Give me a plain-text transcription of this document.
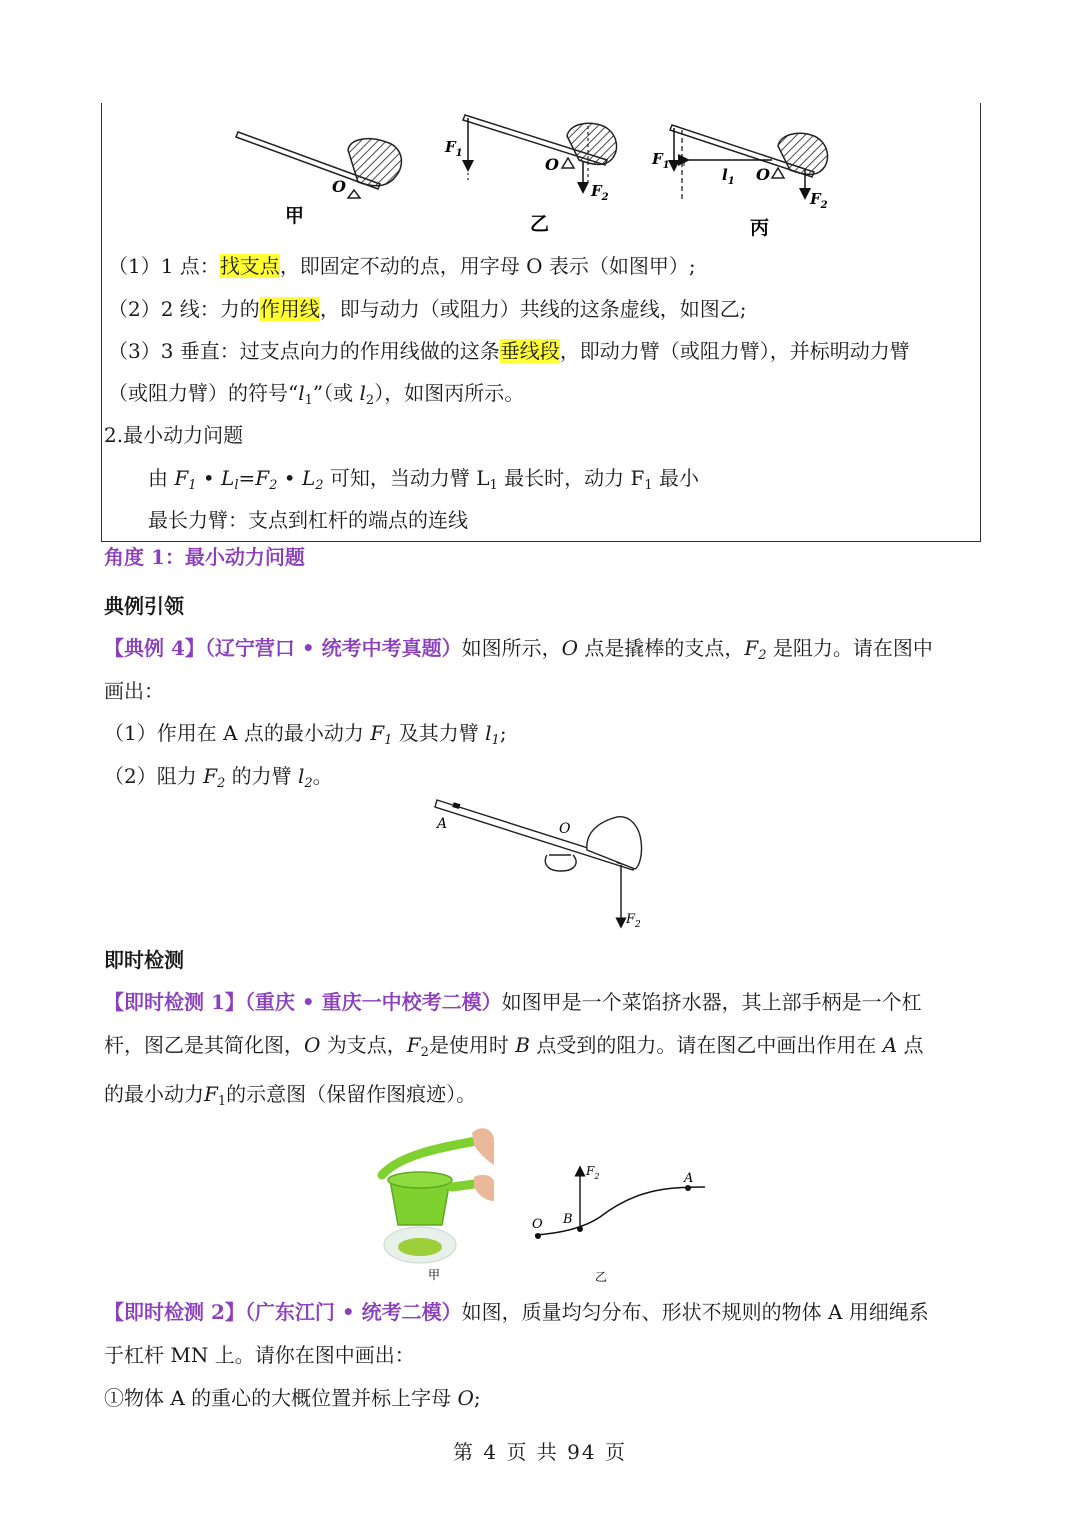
O
甲
O
$F_1$
$F_2$
乙
$F_1$
$l_1$ O
$F_2$
丙
（1）1 点：找支点，即固定不动的点，用字母 O 表示（如图甲）;
（2）2 线：力的作用线，即与动力（或阻力）共线的这条虚线，如图乙;
（3）3 垂直：过支点向力的作用线做的这条垂线段，即动力臂（或阻力臂），并标明动力臂
（或阻力臂）的符号“$l_1$”（或 $l_2$），如图丙所示。
2.最小动力问题
由 $F_1$ • $L_l=F_2$ • $L_2$ 可知，当动力臂 $L_1$ 最长时，动力 $F_1$ 最小
最长力臂：支点到杠杆的端点的连线
角度 1：最小动力问题
典例引领
【典例 4】（辽宁营口 • 统考中考真题）如图所示，O 点是撬棒的支点，$F_2$ 是阻力。请在图中
画出：
（1）作用在 A 点的最小动力 $F_1$ 及其力臂 $l_1$;
（2）阻力 $F_2$ 的力臂 $l_2$。
A	O
$F_2$
即时检测
【即时检测 1】（重庆 • 重庆一中校考二模）如图甲是一个菜馅挤水器，其上部手柄是一个杠
杆，图乙是其简化图，O 为支点，$F_2$是使用时 B 点受到的阻力。请在图乙中画出作用在 A 点
的最小动力$F_1$的示意图（保留作图痕迹）。
甲
O B
A
$F_2$
乙
【即时检测 2】（广东江门 • 统考二模）如图，质量均匀分布、形状不规则的物体 A 用细绳系
于杠杆 MN 上。请你在图中画出：
①物体 A 的重心的大概位置并标上字母 O;
第 4 页 共 94 页
